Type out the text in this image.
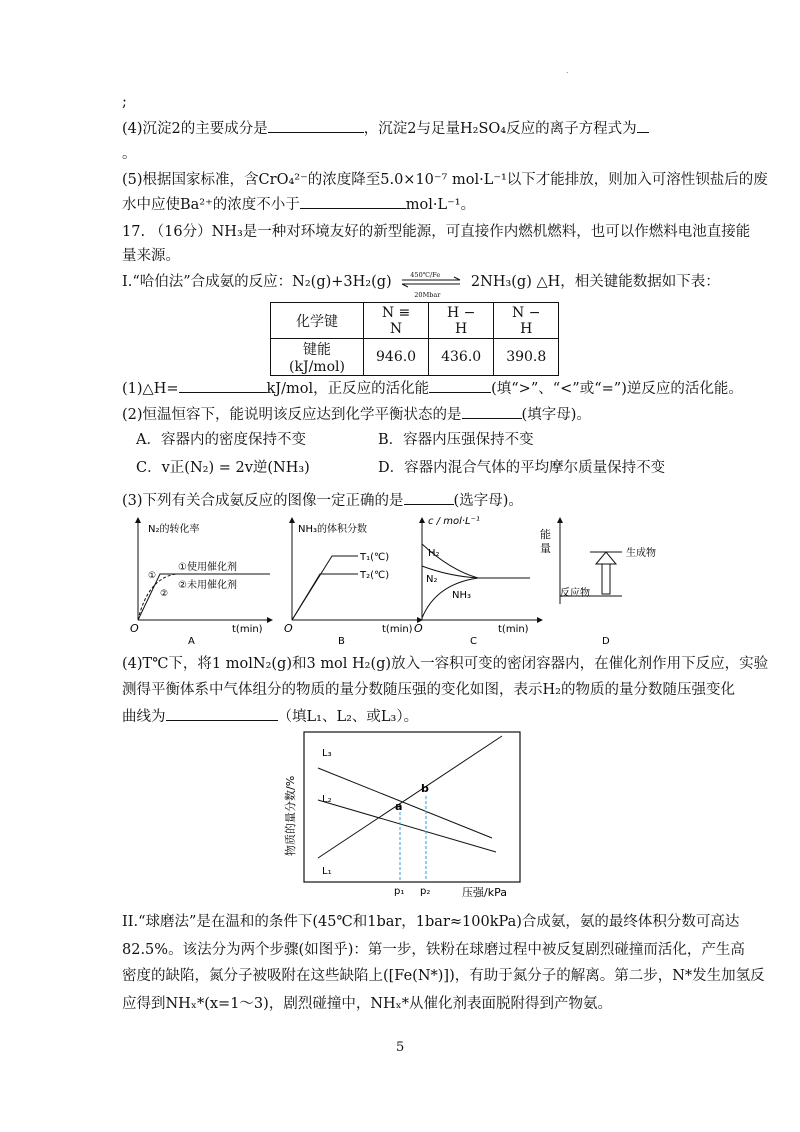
.
;
(4)沉淀2的主要成分是	，沉淀2与足量H₂SO₄反应的离子方程式为
。
(5)根据国家标准，含CrO₄²⁻的浓度降至5.0×10⁻⁷ mol·L⁻¹以下才能排放，则加入可溶性钡盐后的废
水中应使Ba²⁺的浓度不小于	mol·L⁻¹。
17. （16分）NH₃是一种对环境友好的新型能源，可直接作内燃机燃料，也可以作燃料电池直接能
量来源。
Ⅰ.“哈伯法”合成氨的反应：N₂(g)+3H₂(g)	450℃/Fe
20Mbar
2NH₃(g) △H，相关键能数据如下表：
化学键	N ≡ N	H − H	N − H
键能(kJ/mol)	946.0	436.0	390.8
(1)△H=	kJ/mol，正反应的活化能	(填“>”、“<”或“=”)逆反应的活化能。
(2)恒温恒容下，能说明该反应达到化学平衡状态的是	(填字母)。
A．容器内的密度保持不变	B．容器内压强保持不变
C．v正(N₂) = 2v逆(NH₃)	D．容器内混合气体的平均摩尔质量保持不变
(3)下列有关合成氨反应的图像一定正确的是	(选字母)。
N₂的转化率
①
②
①使用催化剂
②未用催化剂
O	t(min)
A
NH₃的体积分数
T₁(℃)
T₂(℃)
O	t(min)
B
c / mol·L⁻¹
H₂
N₂
NH₃
O	t(min)
C
能
量	生成物
反应物
D
(4)T℃下，将1 molN₂(g)和3 mol H₂(g)放入一容积可变的密闭容器内，在催化剂作用下反应，实验
测得平衡体系中气体组分的物质的量分数随压强的变化如图，表示H₂的物质的量分数随压强变化
曲线为	（填L₁、L₂、或L₃）。
L₃
L₂
L₁
a
b
p₁ p₂	压强/kPa
物质的量分数/%
II.“球磨法”是在温和的条件下(45℃和1bar，1bar≈100kPa)合成氨，氨的最终体积分数可高达
82.5%。该法分为两个步骤(如图乎)：第一步，铁粉在球磨过程中被反复剧烈碰撞而活化，产生高
密度的缺陷，氮分子被吸附在这些缺陷上([Fe(N*)])，有助于氮分子的解离。第二步，N*发生加氢反
应得到NHₓ*(x=1～3)，剧烈碰撞中，NHₓ*从催化剂表面脱附得到产物氨。
5
